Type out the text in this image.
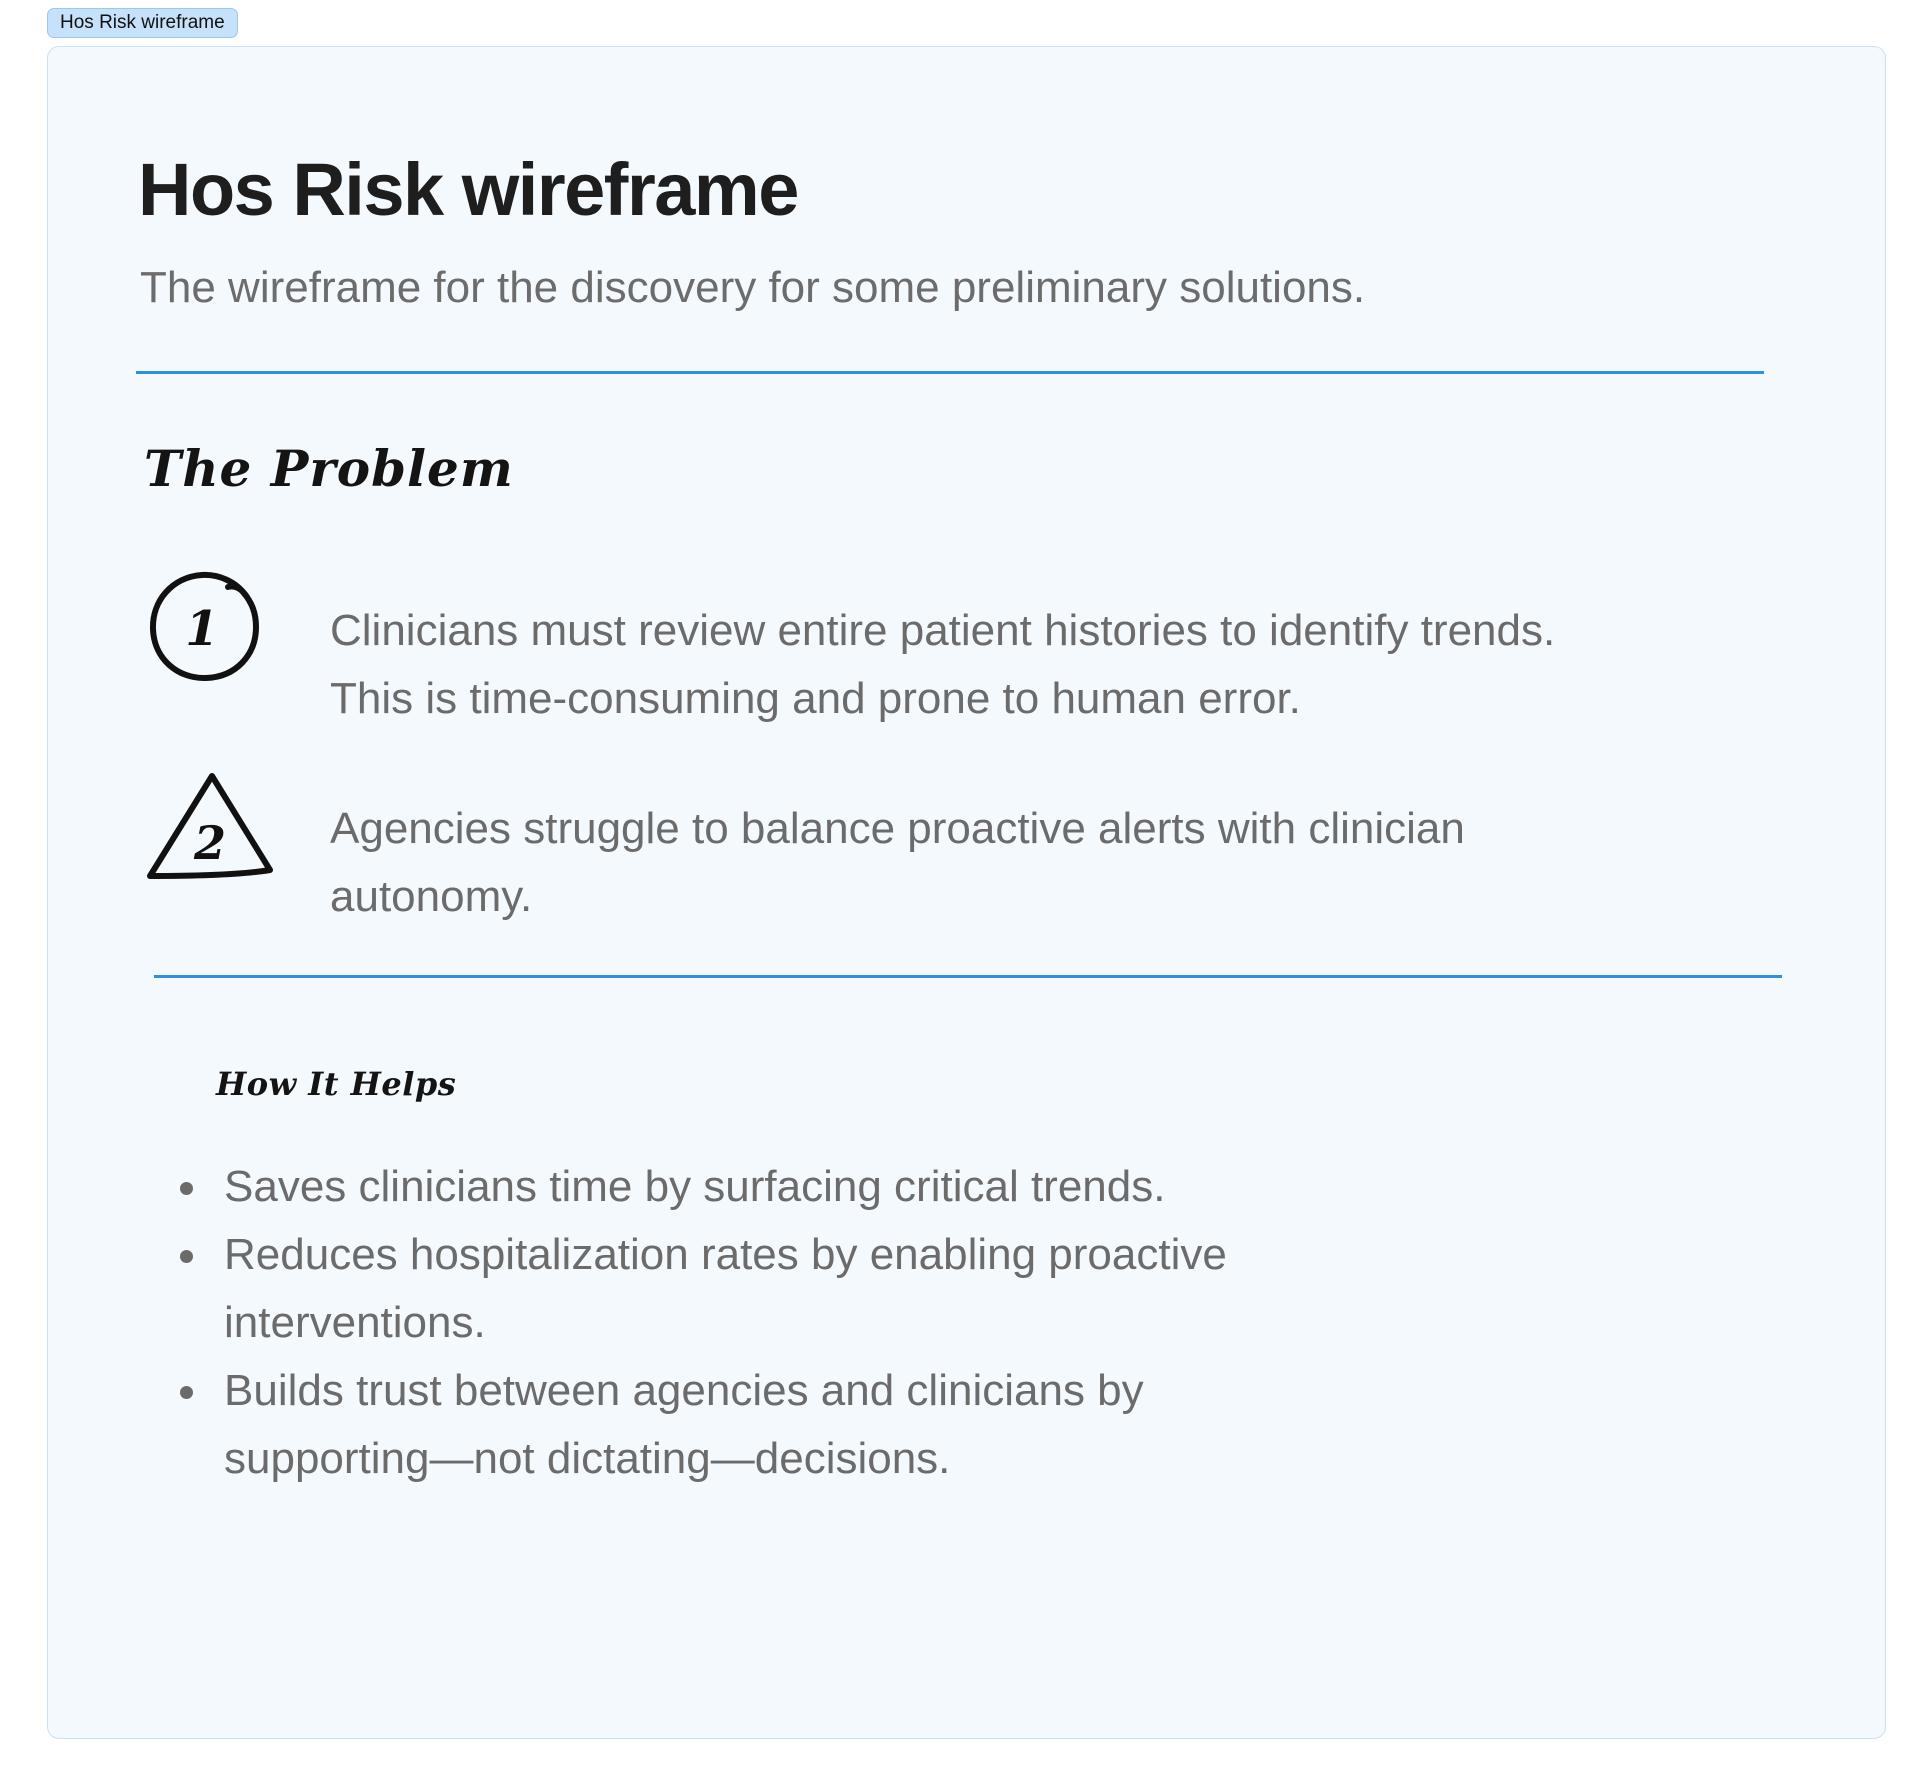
Hos Risk wireframe
Hos Risk wireframe

The wireframe for the discovery for some preliminary solutions.

The Problem
1	Clinicians must review entire patient histories to identify trends.
This is time-consuming and prone to human error.

2 Agencies struggle to balance proactive alerts with clinician
autonomy.

How It Helps
Saves clinicians time by surfacing critical trends.
Reduces hospitalization rates by enabling proactive
interventions.
Builds trust between agencies and clinicians by
supporting—not dictating—decisions.
